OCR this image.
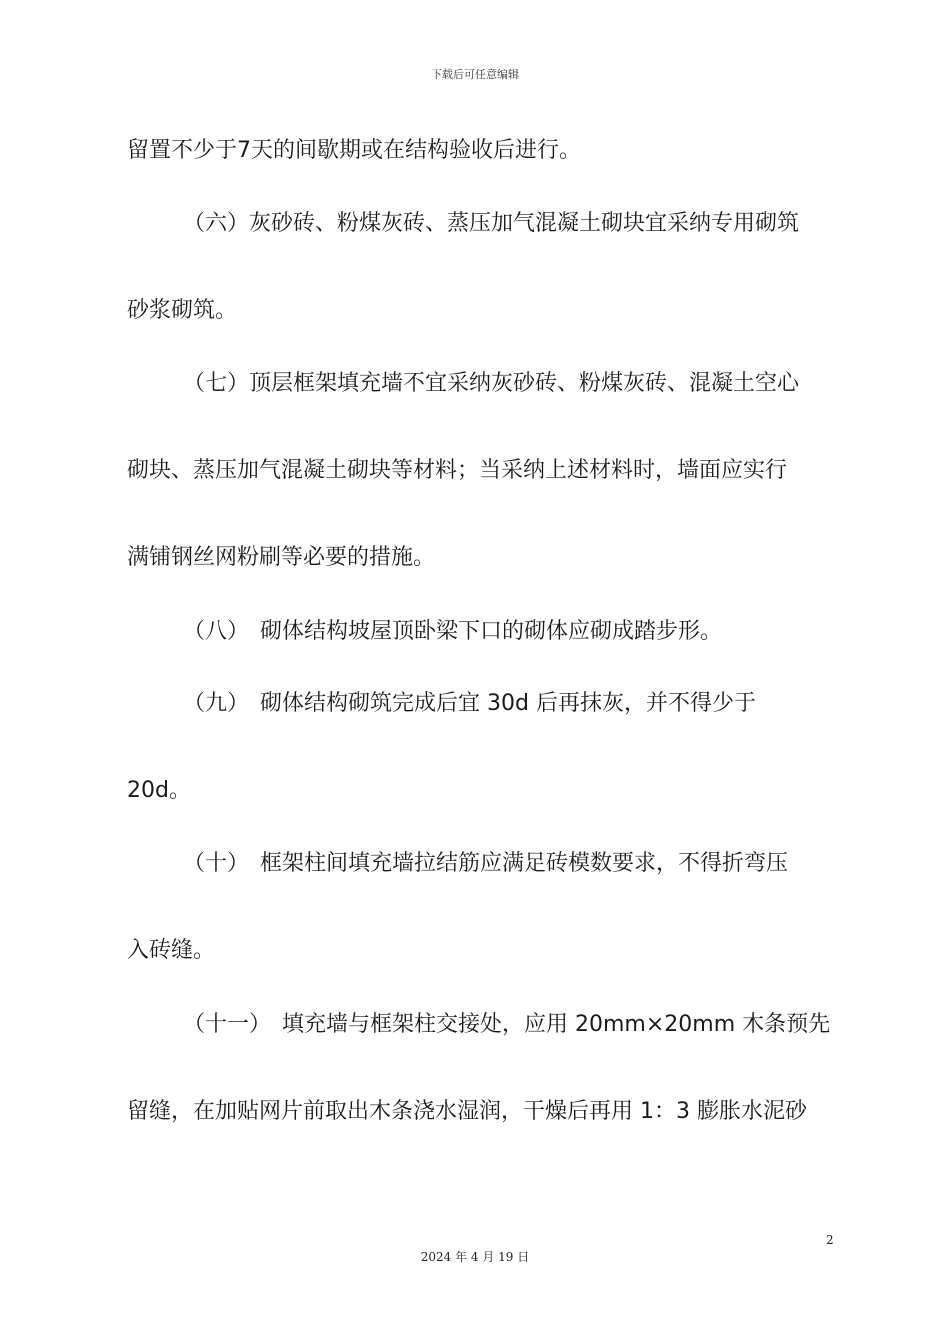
下载后可任意编辑
留置不少于7天的间歇期或在结构验收后进行。
（六）灰砂砖、粉煤灰砖、蒸压加气混凝土砌块宜采纳专用砌筑
砂浆砌筑。
（七）顶层框架填充墙不宜采纳灰砂砖、粉煤灰砖、混凝土空心
砌块、蒸压加气混凝土砌块等材料；当采纳上述材料时，墙面应实行
满铺钢丝网粉刷等必要的措施。
（八）　砌体结构坡屋顶卧梁下口的砌体应砌成踏步形。
（九）　砌体结构砌筑完成后宜 30d 后再抹灰，并不得少于
20d。
（十）　框架柱间填充墙拉结筋应满足砖模数要求，不得折弯压
入砖缝。
（十一）　填充墙与框架柱交接处，应用 20mm×20mm 木条预先
留缝，在加贴网片前取出木条浇水湿润，干燥后再用 1：3 膨胀水泥砂
2
2024 年 4 月 19 日
